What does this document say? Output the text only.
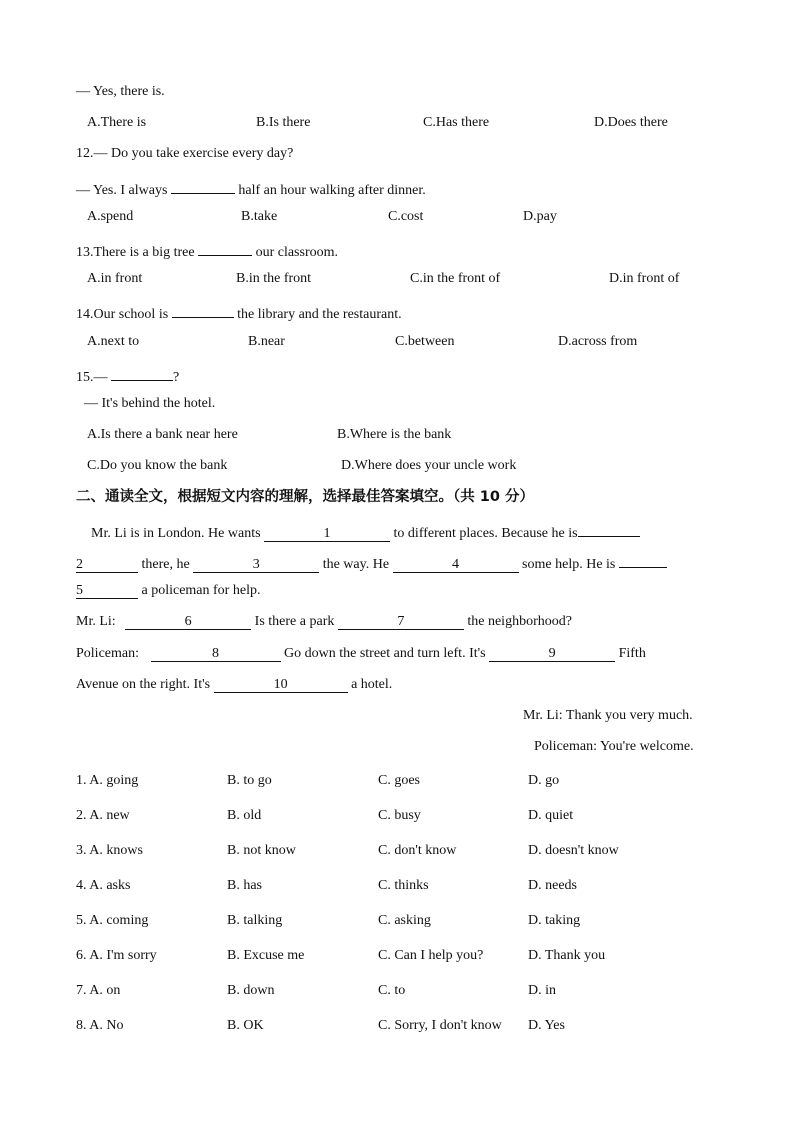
— Yes, there is.
A.There is	B.Is there	C.Has there	D.Does there
12.— Do you take exercise every day?
— Yes. I always	half an hour walking after dinner.
A.spend	B.take	C.cost	D.pay
13.There is a big tree	our classroom.
A.in front	B.in the front	C.in the front of	D.in front of
14.Our school is	the library and the restaurant.
A.next to	B.near	C.between	D.across from
15.—	?
— It's behind the hotel.
A.Is there a bank near here	B.Where is the bank
C.Do you know the bank	D.Where does your uncle work
二、通读全文，根据短文内容的理解，选择最佳答案填空。（共 10 分）
Mr. Li is in London. He wants	1	to different places. Because he is
2	there, he	3	the way. He	4	some help. He is
5	a policeman for help.
Mr. Li:	6	Is there a park	7	the neighborhood?
Policeman:	8	Go down the street and turn left. It's	9	Fifth
Avenue on the right. It's	10	a hotel.
Mr. Li: Thank you very much.
Policeman: You're welcome.
1. A. going	B. to go	C. goes	D. go
2. A. new	B. old	C. busy	D. quiet
3. A. knows	B. not know	C. don't know	D. doesn't know
4. A. asks	B. has	C. thinks	D. needs
5. A. coming	B. talking	C. asking	D. taking
6. A. I'm sorry	B. Excuse me	C. Can I help you?	D. Thank you
7. A. on	B. down	C. to	D. in
8. A. No	B. OK	C. Sorry, I don't know D. Yes
